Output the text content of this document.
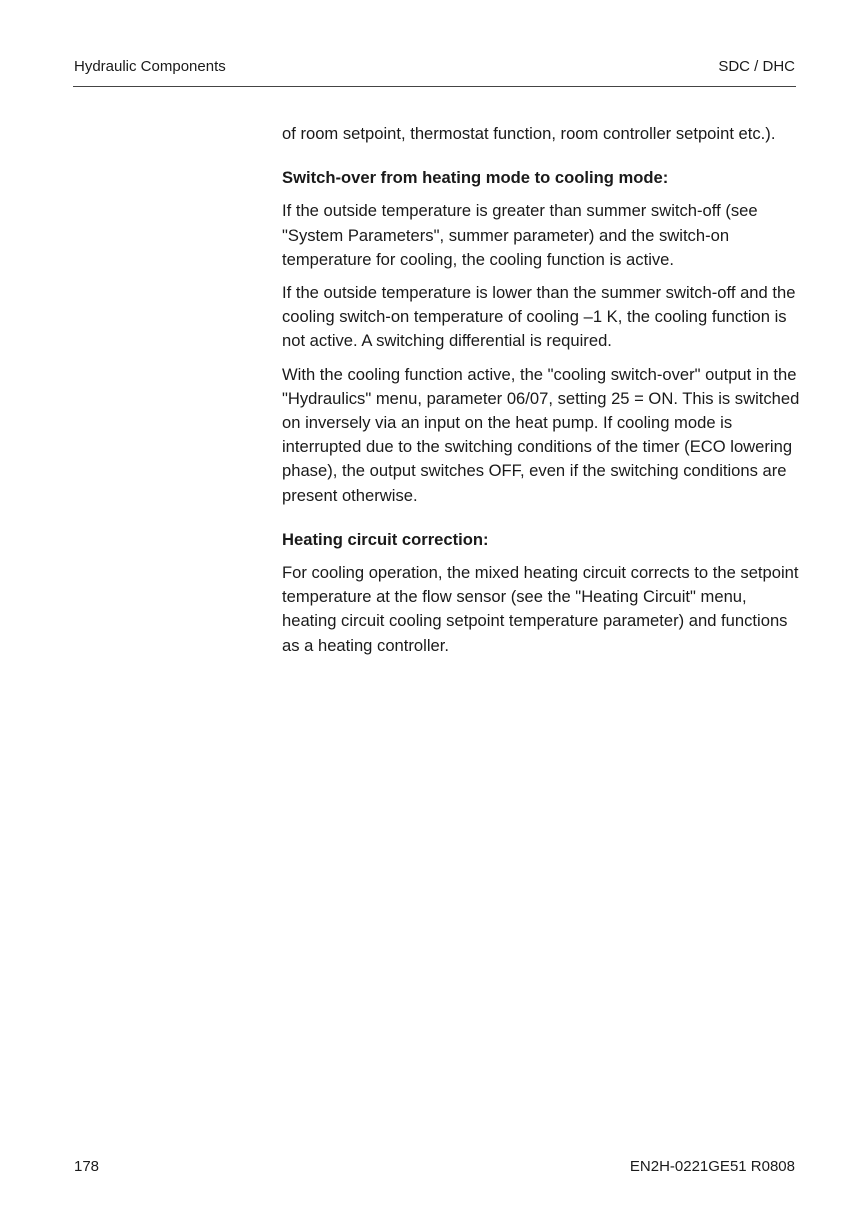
Hydraulic Components	SDC / DHC

of room setpoint, thermostat function, room controller setpoint etc.).

Switch-over from heating mode to cooling mode:

If the outside temperature is greater than summer switch-off (see "System Parameters", summer parameter) and the switch-on temperature for cooling, the cooling function is active.

If the outside temperature is lower than the summer switch-off and the cooling switch-on temperature of cooling –1 K, the cooling function is not active. A switching differential is required.

With the cooling function active, the "cooling switch-over" output in the "Hydraulics" menu, parameter 06/07, setting 25 = ON. This is switched on inversely via an input on the heat pump. If cooling mode is interrupted due to the switching conditions of the timer (ECO lowering phase), the output switches OFF, even if the switching conditions are present otherwise.

Heating circuit correction:

For cooling operation, the mixed heating circuit corrects to the setpoint temperature at the flow sensor (see the "Heating Circuit" menu, heating circuit cooling setpoint temperature parameter) and functions as a heating controller.

178	EN2H-0221GE51 R0808
